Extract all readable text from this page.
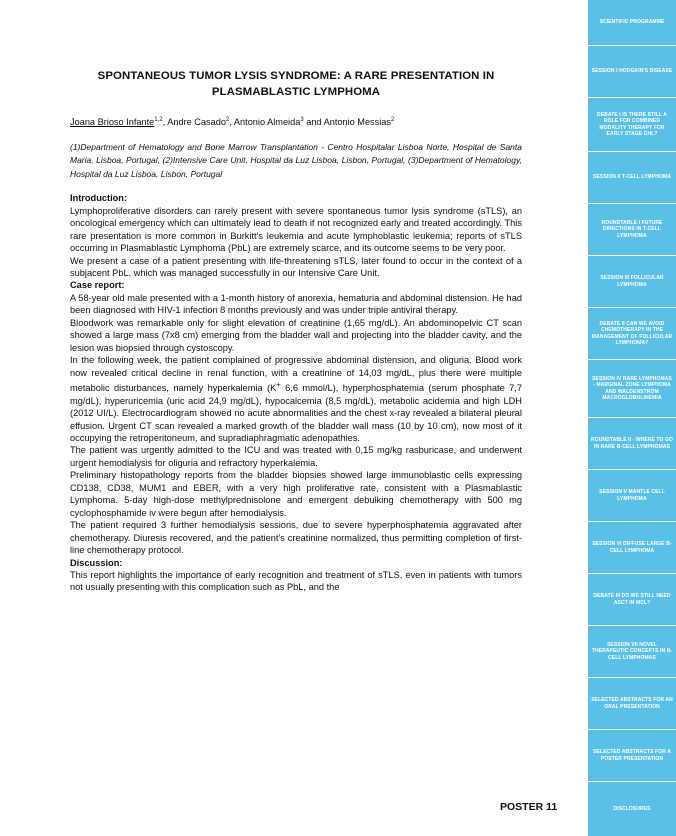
SPONTANEOUS TUMOR LYSIS SYNDROME: A RARE PRESENTATION IN PLASMABLASTIC LYMPHOMA
Joana Brioso Infante$^{1,2}$, Andre Casado$^2$, Antonio Almeida$^3$ and Antonio Messias$^2$
(1)Department of Hematology and Bone Marrow Transplantation - Centro Hospitalar Lisboa Norte, Hospital de Santa Maria, Lisboa, Portugal, (2)Intensive Care Unit, Hospital da Luz Lisboa, Lisbon, Portugal, (3)Department of Hematology, Hospital da Luz Lisboa, Lisbon, Portugal
Introduction:

Lymphoproliferative disorders can rarely present with severe spontaneous tumor lysis syndrome (sTLS), an oncological emergency which can ultimately lead to death if not recognized early and treated accordingly. This rare presentation is more common in Burkitt's leukemia and acute lymphoblastic leukemia; reports of sTLS occurring in Plasmablastic Lymphoma (PbL) are extremely scarce, and its outcome seems to be very poor.

We present a case of a patient presenting with life-threatening sTLS, later found to occur in the context of a subjacent PbL, which was managed successfully in our Intensive Care Unit.

Case report:

A 58-year old male presented with a 1-month history of anorexia, hematuria and abdominal distension. He had been diagnosed with HIV-1 infection 8 months previously and was under triple antiviral therapy.

Bloodwork was remarkable only for slight elevation of creatinine (1,65 mg/dL). An abdominopelvic CT scan showed a large mass (7x8 cm) emerging from the bladder wall and projecting into the bladder cavity, and the lesion was biopsied through cystoscopy.

In the following week, the patient complained of progressive abdominal distension, and oliguria. Blood work now revealed critical decline in renal function, with a creatinine of 14,03 mg/dL, plus there were multiple metabolic disturbances, namely hyperkalemia (K+ 6,6 mmol/L), hyperphosphatemia (serum phosphate 7,7 mg/dL), hyperuricemia (uric acid 24,9 mg/dL), hypocalcemia (8,5 mg/dL), metabolic acidemia and high LDH (2012 UI/L). Electrocardiogram showed no acute abnormalities and the chest x-ray revealed a bilateral pleural effusion. Urgent CT scan revealed a marked growth of the bladder wall mass (10 by 10 cm), now most of it occupying the retroperitoneum, and supradiaphragmatic adenopathies.

The patient was urgently admitted to the ICU and was treated with 0,15 mg/kg rasburicase, and underwent urgent hemodialysis for oliguria and refractory hyperkalemia.

Preliminary histopathology reports from the bladder biopsies showed large immunoblastic cells expressing CD138, CD38, MUM1 and EBER, with a very high proliferative rate, consistent with a Plasmablastic Lymphoma. 5-day high-dose methylprednisolone and emergent debulking chemotherapy with 500 mg cyclophosphamide iv were begun after hemodialysis.

The patient required 3 further hemodialysis sessions, due to severe hyperphosphatemia aggravated after chemotherapy. Diuresis recovered, and the patient's creatinine normalized, thus permitting completion of first-line chemotherapy protocol.

Discussion:

This report highlights the importance of early recognition and treatment of sTLS, even in patients with tumors not usually presenting with this complication such as PbL, and the

POSTER 11
SCIENTIFIC PROGRAMME
SESSION I HODGKIN'S DISEASE
DEBATE I IS THERE STILL A ROLE FOR COMBINED MODALITY THERAPY FOR EARLY STAGE CHL?
SESSION II T-CELL LYMPHOMA
ROUNDTABLE I FUTURE DIRECTIONS IN T-CELL LYMPHOMA
SESSION III FOLLICULAR LYMPHOMA
DEBATE II CAN WE AVOID CHEMOTHERAPY IN THE MANAGEMENT OF FOLLICULAR LYMPHOMA?
SESSION IV RARE LYMPHOMAS - MARGINAL ZONE LYMPHOMA AND WALDENSTRÖM MACROGLOBULINEMIA
ROUNDTABLE II - WHERE TO GO IN RARE B-CELL LYMPHOMAS
SESSION V MANTLE CELL LYMPHOMA
SESSION VI DIFFUSE LARGE B-CELL LYMPHOMA
DEBATE III DO WE STILL NEED ASCT IN MCL?
SESSION VII NOVEL THERAPEUTIC CONCEPTS IN B-CELL LYMPHOMAS
SELECTED ABSTRACTS FOR AN ORAL PRESENTATION
SELECTED ABSTRACTS FOR A POSTER PRESENTATION
DISCLOSURES
